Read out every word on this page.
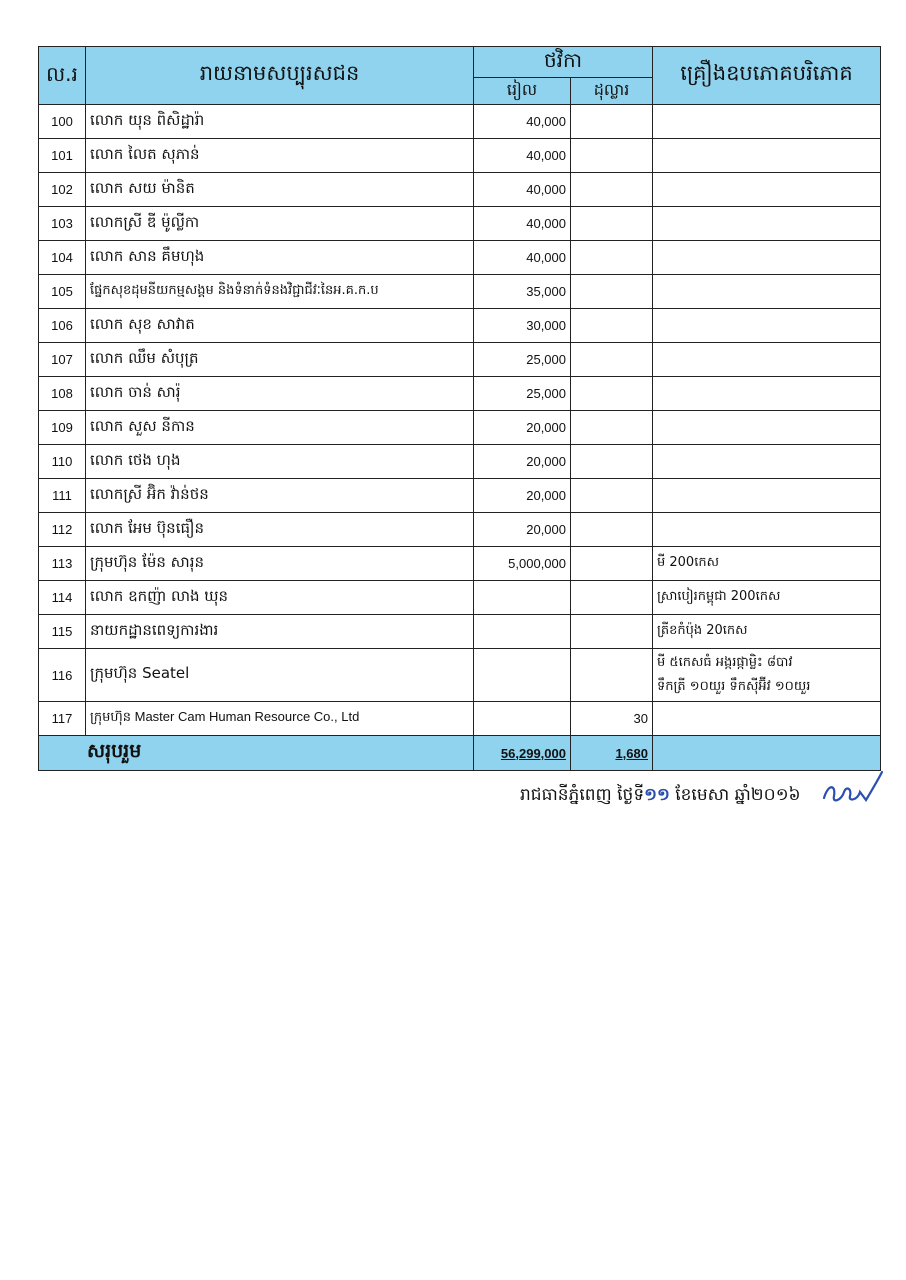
ល.រ	រាយនាមសប្បុរសជន	ថវិកា		គ្រឿងឧបភោគបរិភោគ
		រៀល	ដុល្លារ	
100	លោក យុន ពិសិដ្ឋារ៉ា	40,000		
101	លោក លៃត សុភាន់	40,000		
102	លោក សយ ម៉ានិត	40,000		
103	លោកស្រី ឌី ម៉ូលី្លកា	40,000		
104	លោក សាន គឹមហុង	40,000		
105	ផ្នែកសុខដុមនីយកម្មសង្គម និងទំនាក់ទំនងវិជ្ជាជីវៈនៃអ.គ.ក.ប	35,000		
106	លោក សុខ សាវាត	30,000		
107	លោក ឈឹម សំបុត្រ	25,000		
108	លោក ចាន់ សារ៉ុ	25,000		
109	លោក សួស នីកាន	20,000		
110	លោក ថេង ហុង	20,000		
111	លោកស្រី អ៊ិក វ៉ាន់ថន	20,000		
112	លោក អែម ប៊ុនធឿន	20,000		
113	ក្រុមហ៊ុន ម៉ែន សារុន	5,000,000		មី 200កេស
114	លោក ឧកញ៉ា លាង ឃុន			ស្រាបៀរកម្ពុជា 200កេស
115	នាយកដ្ឋានពេទ្យការងារ			ត្រីខកំប៉ុង 20កេស
116	ក្រុមហ៊ុន Seatel			មី ៥កេសធំ អង្ករផ្កាម្លិះ ៨បាវ
ទឹកត្រី ១០យួរ ទឹកស៊ីអ៊ីវ ១០យួរ

117	ក្រុមហ៊ុន Master Cam Human Resource Co., Ltd		30	
សរុបរួម		56,299,000	1,680	
រាជធានីភ្នំពេញ ថ្ងៃទី១១ ខែមេសា ឆ្នាំ២០១៦
